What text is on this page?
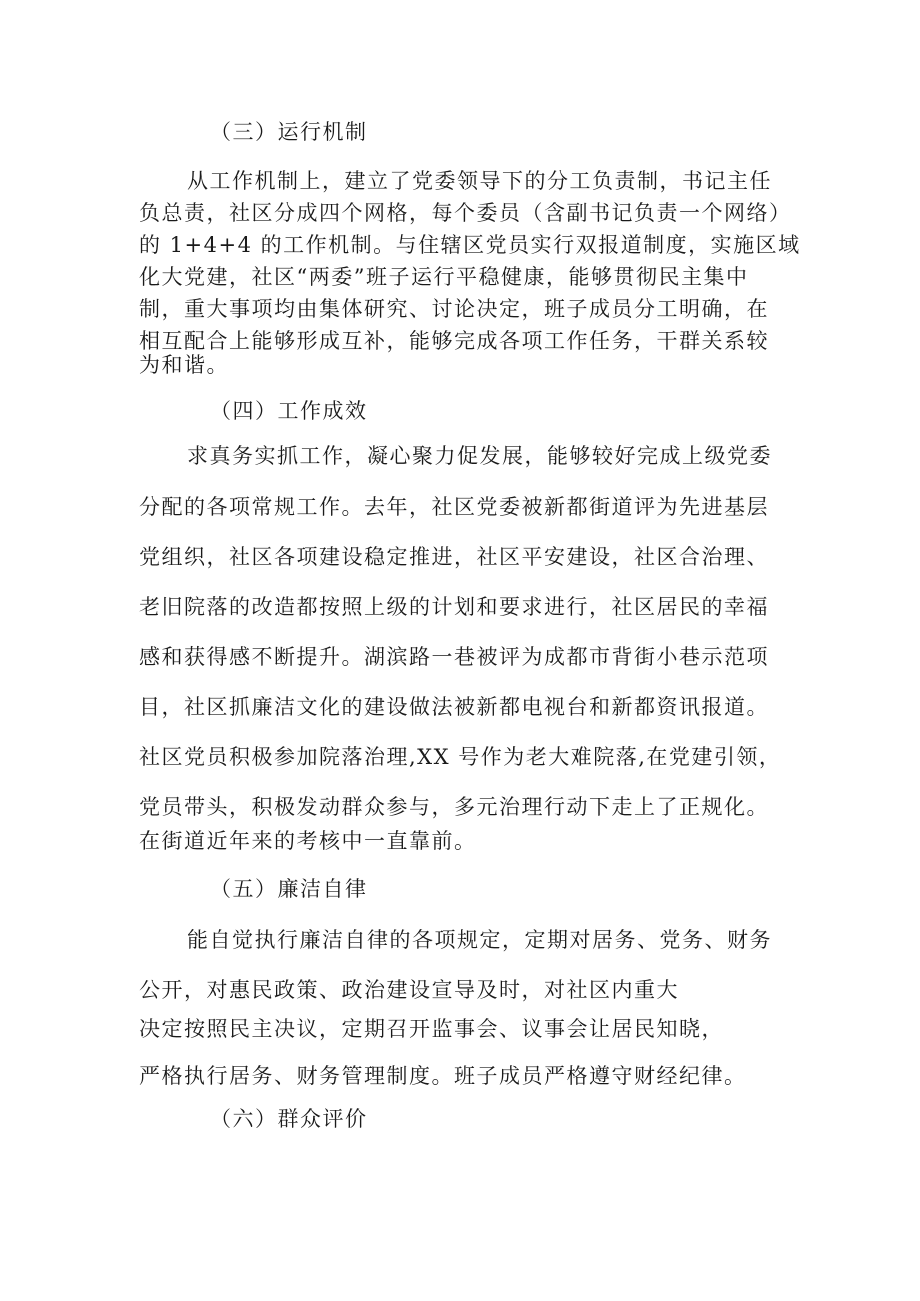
（三）运行机制
从工作机制上，建立了党委领导下的分工负责制，书记主任
负总责，社区分成四个网格，每个委员（含副书记负责一个网络）
的 1+4+4 的工作机制。与住辖区党员实行双报道制度，实施区域
化大党建，社区“两委”班子运行平稳健康，能够贯彻民主集中
制，重大事项均由集体研究、讨论决定，班子成员分工明确，在
相互配合上能够形成互补，能够完成各项工作任务，干群关系较
为和谐。
（四）工作成效
求真务实抓工作，凝心聚力促发展，能够较好完成上级党委
分配的各项常规工作。去年，社区党委被新都街道评为先进基层
党组织，社区各项建设稳定推进，社区平安建设，社区合治理、
老旧院落的改造都按照上级的计划和要求进行，社区居民的幸福
感和获得感不断提升。湖滨路一巷被评为成都市背街小巷示范项
目，社区抓廉洁文化的建设做法被新都电视台和新都资讯报道。
社区党员积极参加院落治理,XX 号作为老大难院落,在党建引领，
党员带头，积极发动群众参与，多元治理行动下走上了正规化。
在街道近年来的考核中一直靠前。
（五）廉洁自律
能自觉执行廉洁自律的各项规定，定期对居务、党务、财务
公开，对惠民政策、政治建设宣导及时，对社区内重大
决定按照民主决议，定期召开监事会、议事会让居民知晓，
严格执行居务、财务管理制度。班子成员严格遵守财经纪律。
（六）群众评价
